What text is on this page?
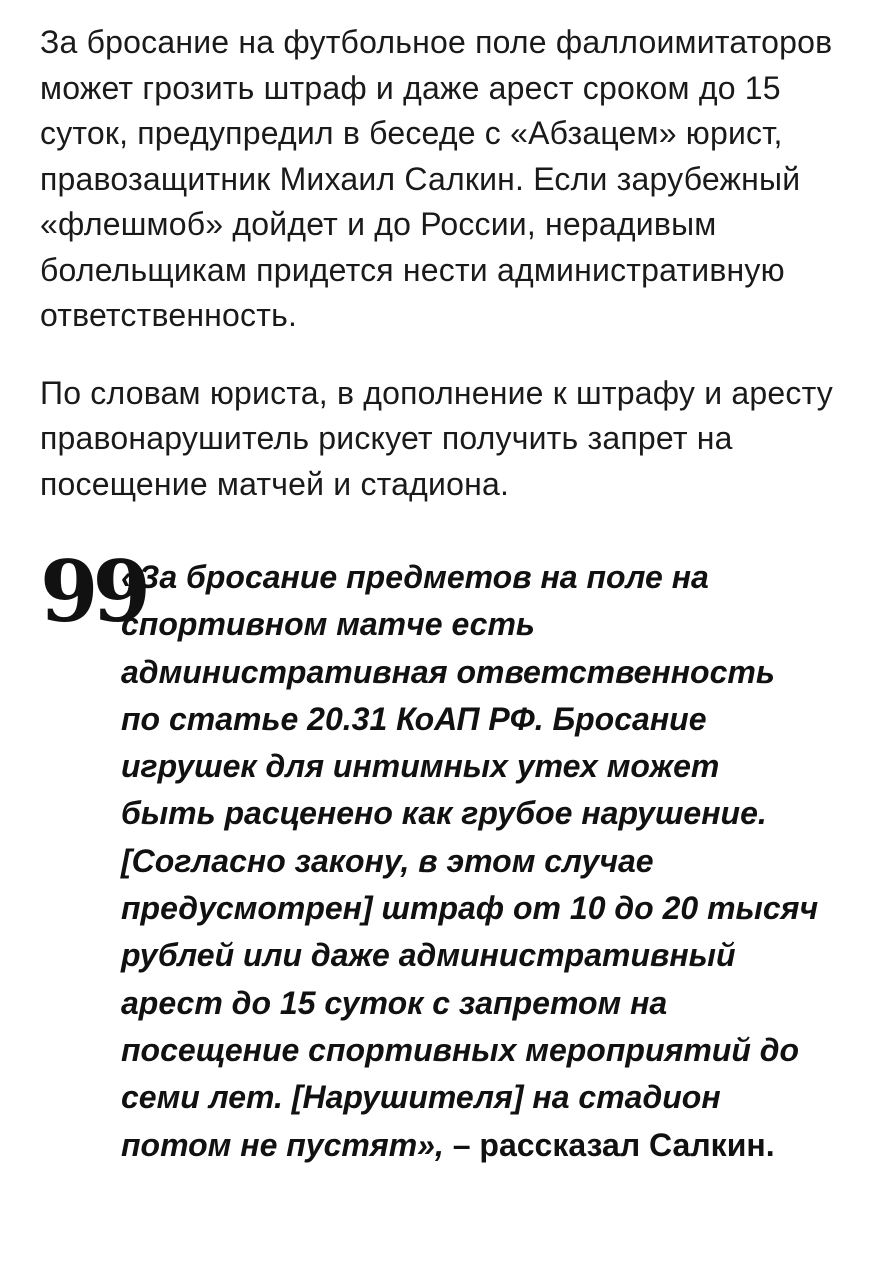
За бросание на футбольное поле фаллоимитаторов может грозить штраф и даже арест сроком до 15 суток, предупредил в беседе с «Абзацем» юрист, правозащитник Михаил Салкин. Если зарубежный «флешмоб» дойдет и до России, нерадивым болельщикам придется нести административную ответственность.

По словам юриста, в дополнение к штрафу и аресту правонарушитель рискует получить запрет на посещение матчей и стадиона.

99

«За бросание предметов на поле на спортивном матче есть административная ответственность по статье 20.31 КоАП РФ. Бросание игрушек для интимных утех может быть расценено как грубое нарушение. [Согласно закону, в этом случае предусмотрен] штраф от 10 до 20 тысяч рублей или даже административный арест до 15 суток с запретом на посещение спортивных мероприятий до семи лет. [Нарушителя] на стадион потом не пустят», – рассказал Салкин.
